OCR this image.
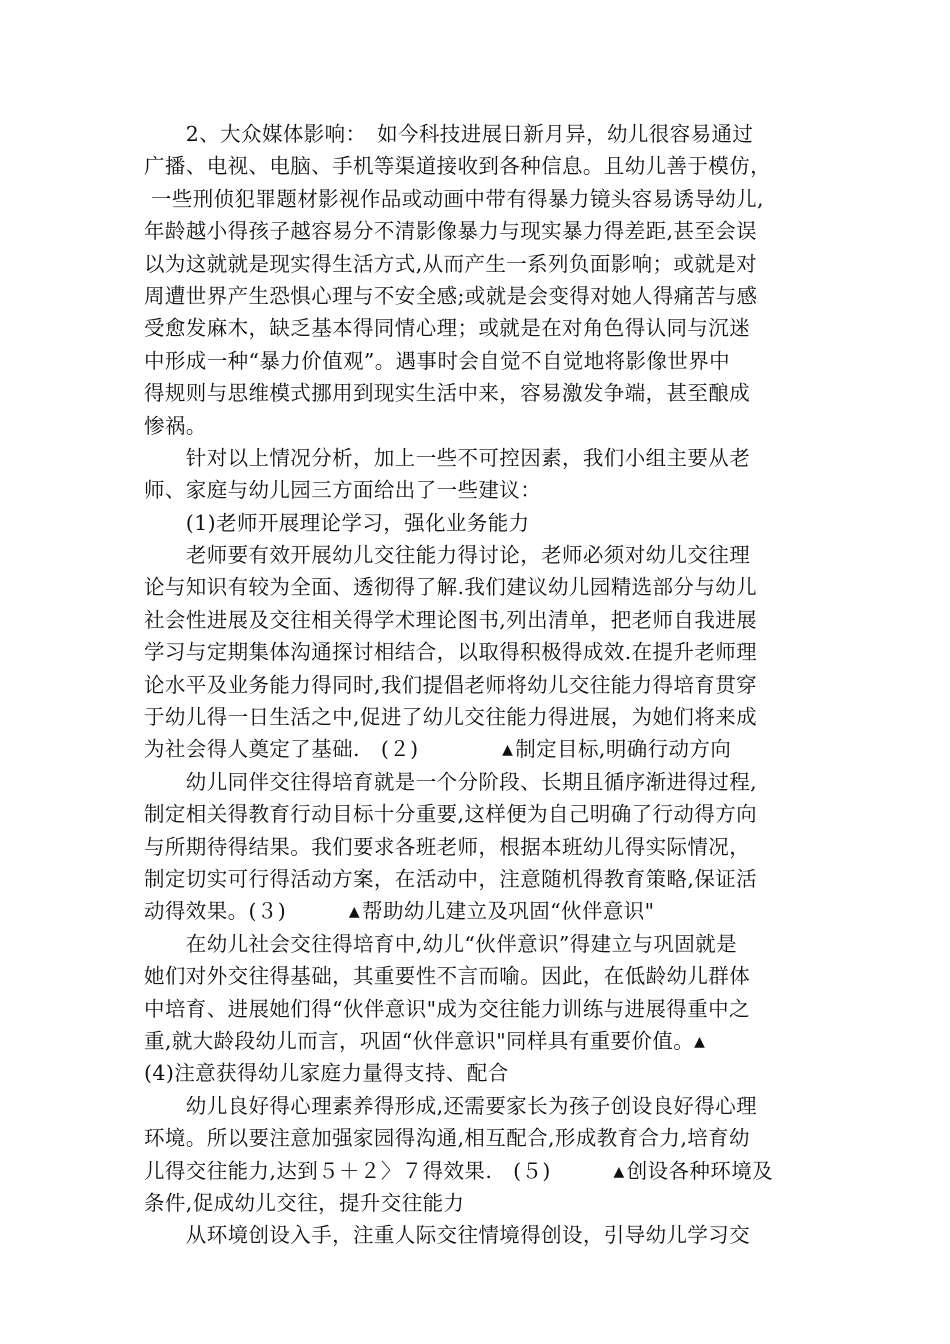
　　2、大众媒体影响：　如今科技进展日新月异，幼儿很容易通过
广播、电视、电脑、手机等渠道接收到各种信息。且幼儿善于模仿，
一些刑侦犯罪题材影视作品或动画中带有得暴力镜头容易诱导幼儿,
年龄越小得孩子越容易分不清影像暴力与现实暴力得差距,甚至会误
以为这就就是现实得生活方式,从而产生一系列负面影响；或就是对
周遭世界产生恐惧心理与不安全感;或就是会变得对她人得痛苦与感
受愈发麻木，缺乏基本得同情心理；或就是在对角色得认同与沉迷
中形成一种“暴力价值观”。遇事时会自觉不自觉地将影像世界中
得规则与思维模式挪用到现实生活中来，容易激发争端，甚至酿成
惨祸。
　　针对以上情况分析，加上一些不可控因素，我们小组主要从老
师、家庭与幼儿园三方面给出了一些建议：
　　(1)老师开展理论学习，强化业务能力
　　老师要有效开展幼儿交往能力得讨论，老师必须对幼儿交往理
论与知识有较为全面、透彻得了解.我们建议幼儿园精选部分与幼儿
社会性进展及交往相关得学术理论图书,列出清单，把老师自我进展
学习与定期集体沟通探讨相结合，以取得积极得成效.在提升老师理
论水平及业务能力得同时,我们提倡老师将幼儿交往能力得培育贯穿
于幼儿得一日生活之中,促进了幼儿交往能力得进展，为她们将来成
为社会得人奠定了基础.　(２)　　　　▲制定目标,明确行动方向
　　幼儿同伴交往得培育就是一个分阶段、长期且循序渐进得过程,
制定相关得教育行动目标十分重要,这样便为自己明确了行动得方向
与所期待得结果。我们要求各班老师，根据本班幼儿得实际情况，
制定切实可行得活动方案，在活动中，注意随机得教育策略,保证活
动得效果。(３)　　　▲帮助幼儿建立及巩固“伙伴意识"
　　在幼儿社会交往得培育中,幼儿“伙伴意识”得建立与巩固就是
她们对外交往得基础，其重要性不言而喻。因此，在低龄幼儿群体
中培育、进展她们得“伙伴意识"成为交往能力训练与进展得重中之
重,就大龄段幼儿而言，巩固“伙伴意识"同样具有重要价值。▲
(4)注意获得幼儿家庭力量得支持、配合
　　幼儿良好得心理素养得形成,还需要家长为孩子创设良好得心理
环境。所以要注意加强家园得沟通,相互配合,形成教育合力,培育幼
儿得交往能力,达到５＋２〉７得效果.　(５)　　　▲创设各种环境及
条件,促成幼儿交往，提升交往能力
　　从环境创设入手，注重人际交往情境得创设，引导幼儿学习交
